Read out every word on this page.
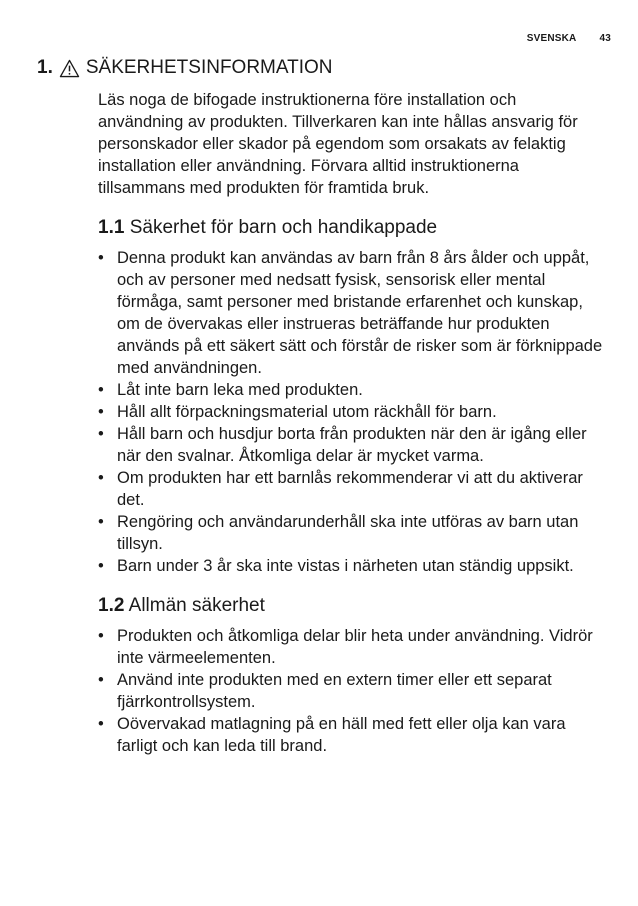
SVENSKA 43
1. SÄKERHETSINFORMATION

Läs noga de bifogade instruktionerna före installation och användning av produkten. Tillverkaren kan inte hållas ansvarig för personskador eller skador på egendom som orsakats av felaktig installation eller användning. Förvara alltid instruktionerna tillsammans med produkten för framtida bruk.

1.1 Säkerhet för barn och handikappade
• Denna produkt kan användas av barn från 8 års ålder och uppåt, och av personer med nedsatt fysisk, sensorisk eller mental förmåga, samt personer med bristande erfarenhet och kunskap, om de övervakas eller instrueras beträffande hur produkten används på ett säkert sätt och förstår de risker som är förknippade med användningen.
• Låt inte barn leka med produkten.
• Håll allt förpackningsmaterial utom räckhåll för barn.
• Håll barn och husdjur borta från produkten när den är igång eller när den svalnar. Åtkomliga delar är mycket varma.
• Om produkten har ett barnlås rekommenderar vi att du aktiverar det.
• Rengöring och användarunderhåll ska inte utföras av barn utan tillsyn.
• Barn under 3 år ska inte vistas i närheten utan ständig uppsikt.
1.2 Allmän säkerhet
• Produkten och åtkomliga delar blir heta under användning. Vidrör inte värmeelementen.
• Använd inte produkten med en extern timer eller ett separat fjärrkontrollsystem.
• Oövervakad matlagning på en häll med fett eller olja kan vara farligt och kan leda till brand.
